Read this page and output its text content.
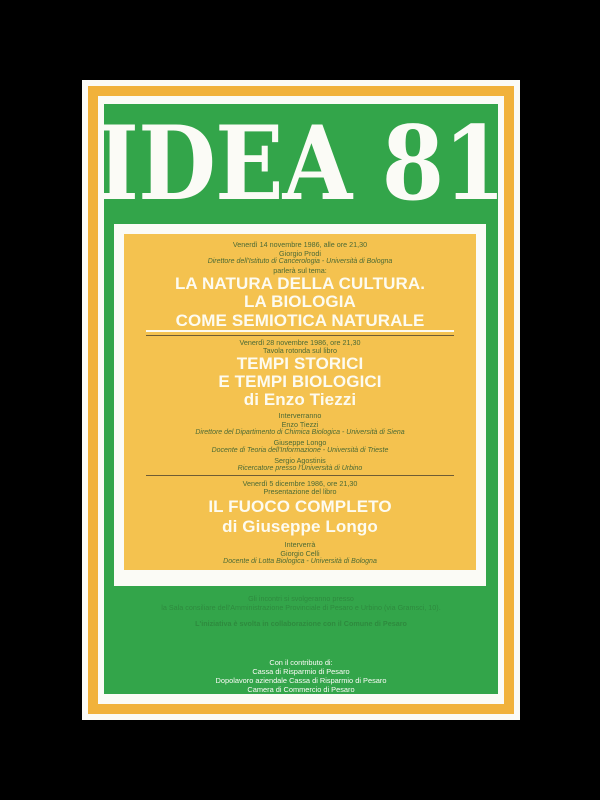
IDEA 81
Venerdì 14 novembre 1986, alle ore 21,30
Giorgio Prodi
Direttore dell'Istituto di Cancerologia - Università di Bologna
parlerà sul tema:
LA NATURA DELLA CULTURA.
LA BIOLOGIA
COME SEMIOTICA NATURALE
Venerdì 28 novembre 1986, ore 21,30
Tavola rotonda sul libro
TEMPI STORICI
E TEMPI BIOLOGICI
di Enzo Tiezzi
Interverranno
Enzo Tiezzi
Direttore del Dipartimento di Chimica Biologica - Università di Siena
Giuseppe Longo
Docente di Teoria dell'Informazione - Università di Trieste
Sergio Agostinis
Ricercatore presso l'Università di Urbino
Venerdì 5 dicembre 1986, ore 21,30
Presentazione del libro
IL FUOCO COMPLETO
di Giuseppe Longo
Interverrà
Giorgio Celli
Docente di Lotta Biologica - Università di Bologna
Gli incontri si svolgeranno presso
la Sala consiliare dell'Amministrazione Provinciale di Pesaro e Urbino (via Gramsci, 10).
L'iniziativa è svolta in collaborazione con il Comune di Pesaro
Con il contributo di:
Cassa di Risparmio di Pesaro
Dopolavoro aziendale Cassa di Risparmio di Pesaro
Camera di Commercio di Pesaro
